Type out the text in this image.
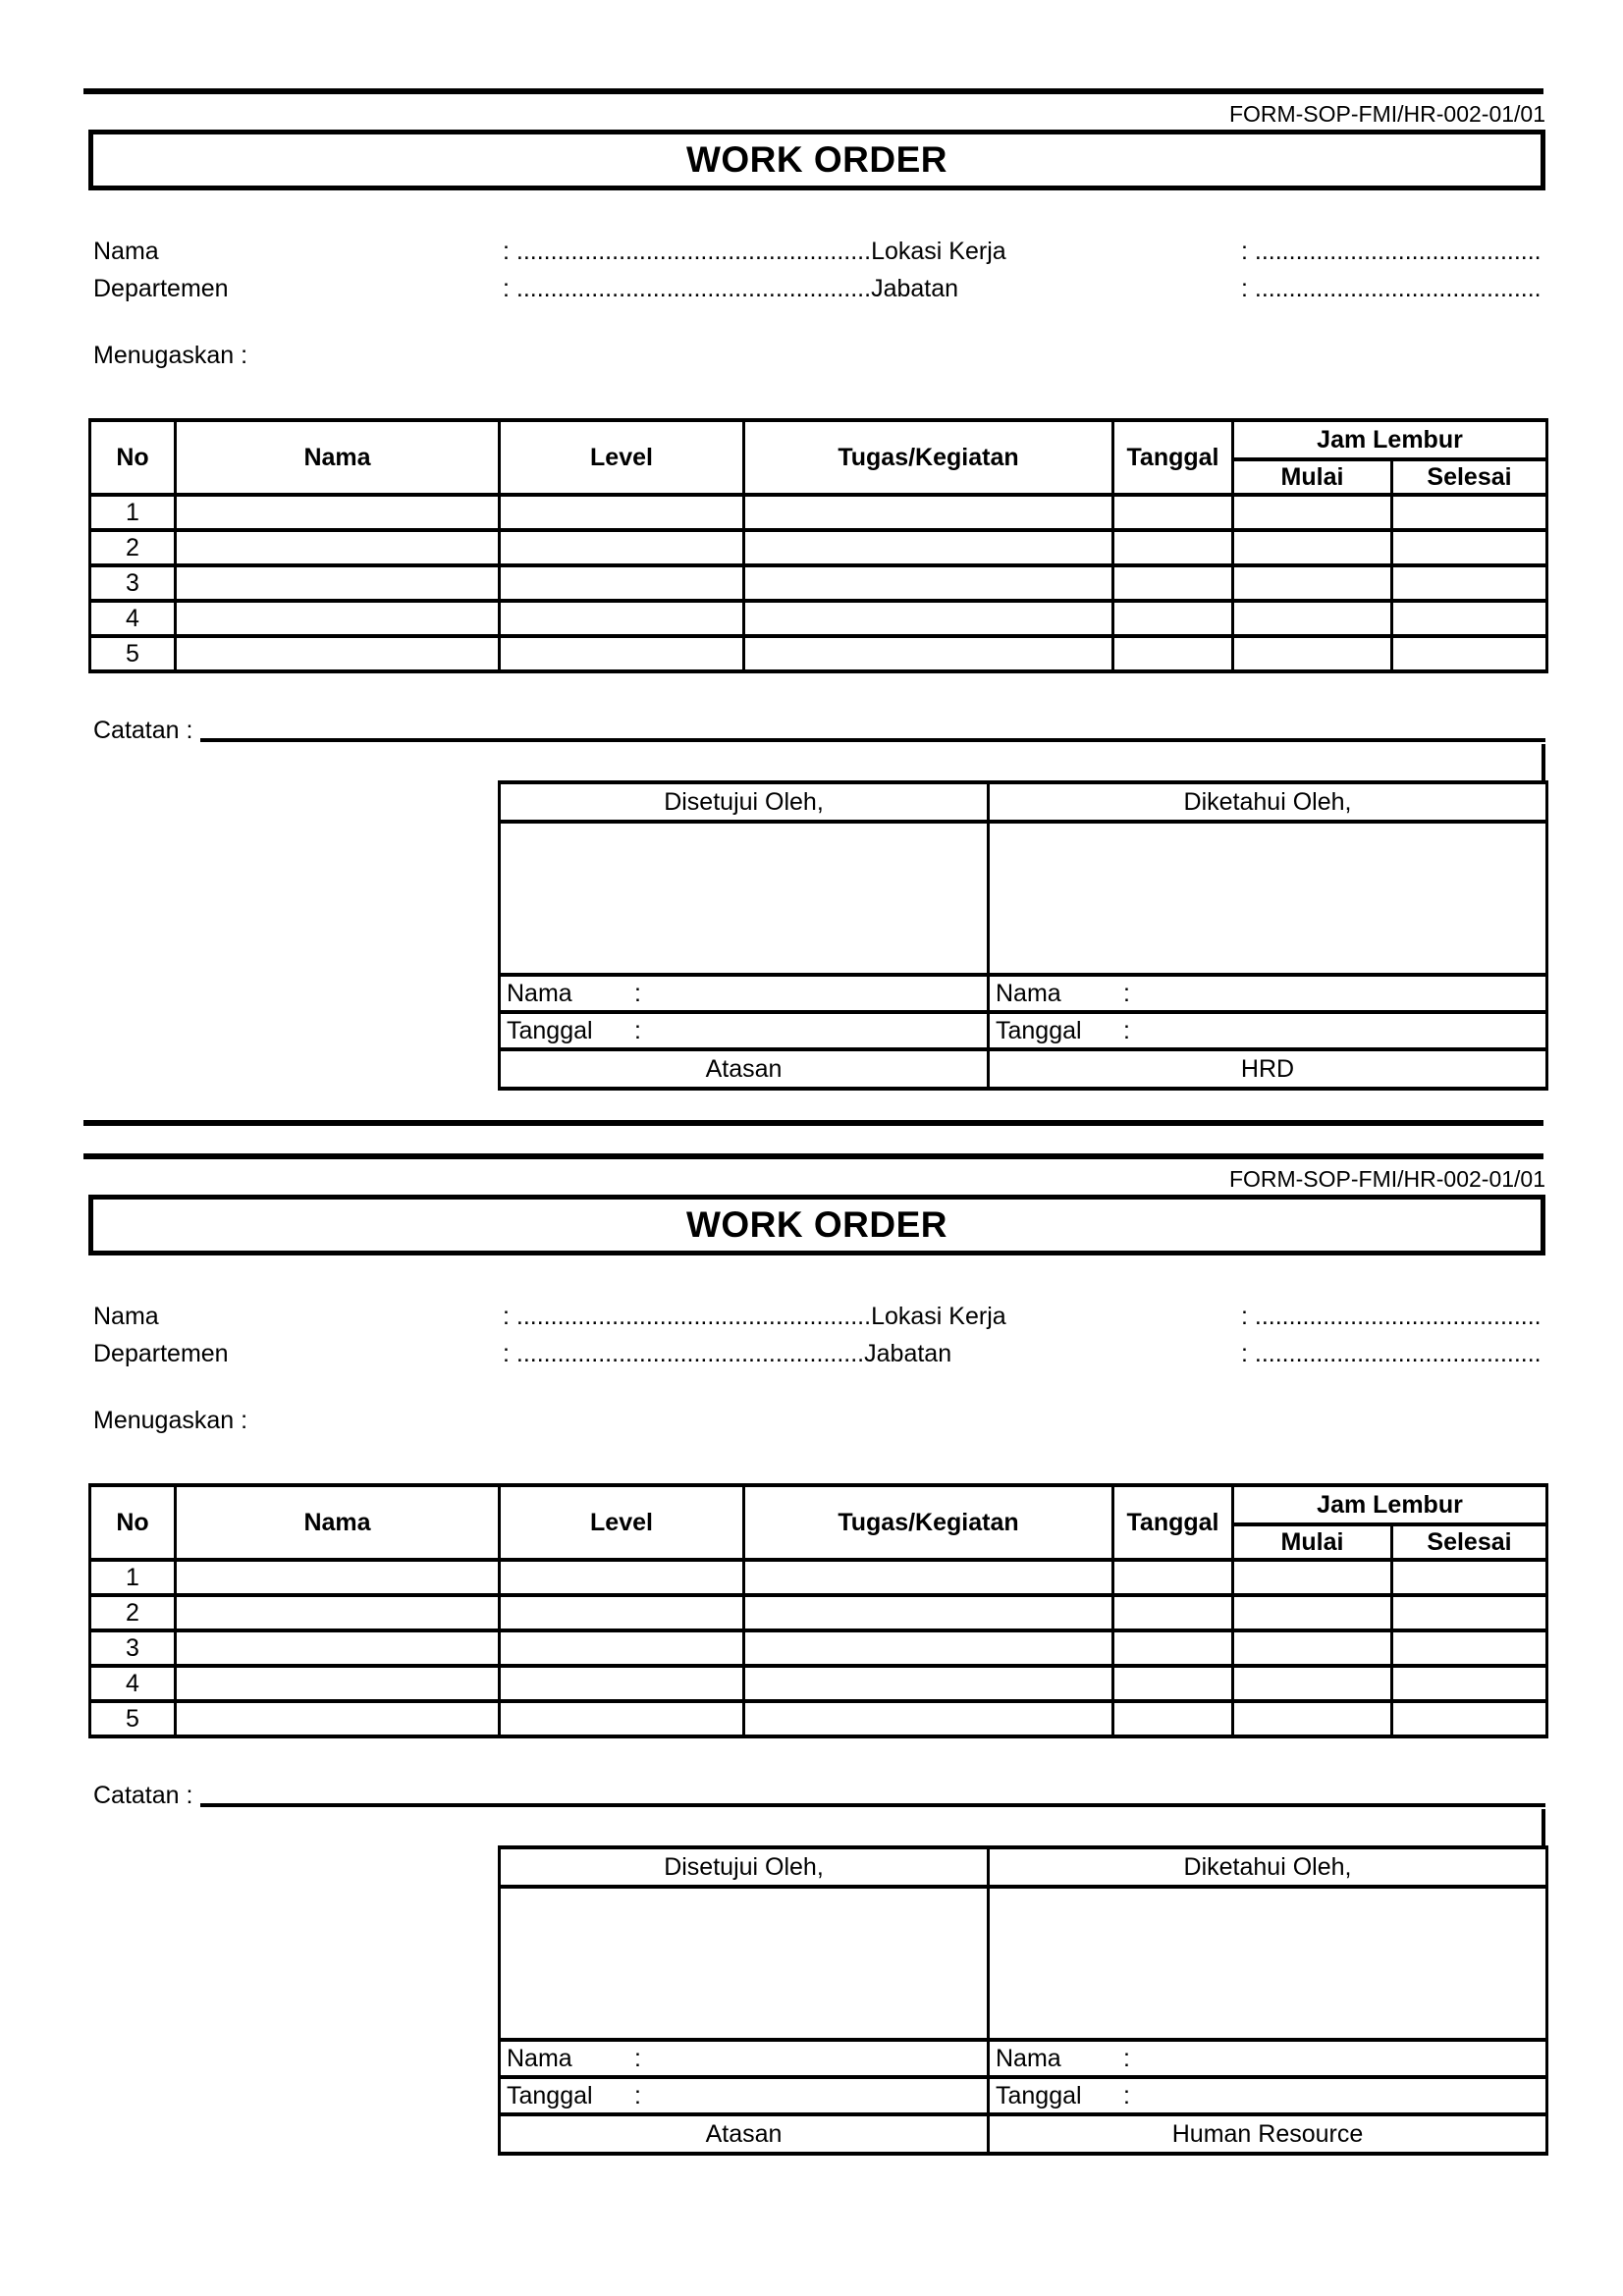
FORM-SOP-FMI/HR-002-01/01
WORK ORDER
Nama	: ....................................................Lokasi Kerja	: ..........................................
Departemen	: ....................................................Jabatan	: ..........................................
Menugaskan :
No	Nama	Level	Tugas/Kegiatan	Tanggal	Jam Lembur	
					Mulai	Selesai
1						
2						
3						
4						
5						
Catatan :
Disetujui Oleh,	Diketahui Oleh,

Nama :	Nama :
Tanggal :	Tanggal :
Atasan	HRD
FORM-SOP-FMI/HR-002-01/01
WORK ORDER
Nama	: ....................................................Lokasi Kerja	: ..........................................
Departemen	: ...................................................Jabatan	: ..........................................
Menugaskan :
No	Nama	Level	Tugas/Kegiatan	Tanggal	Jam Lembur	
					Mulai	Selesai
1						
2						
3						
4						
5						
Catatan :
Disetujui Oleh,	Diketahui Oleh,

Nama :	Nama :
Tanggal :	Tanggal :
Atasan	Human Resource
